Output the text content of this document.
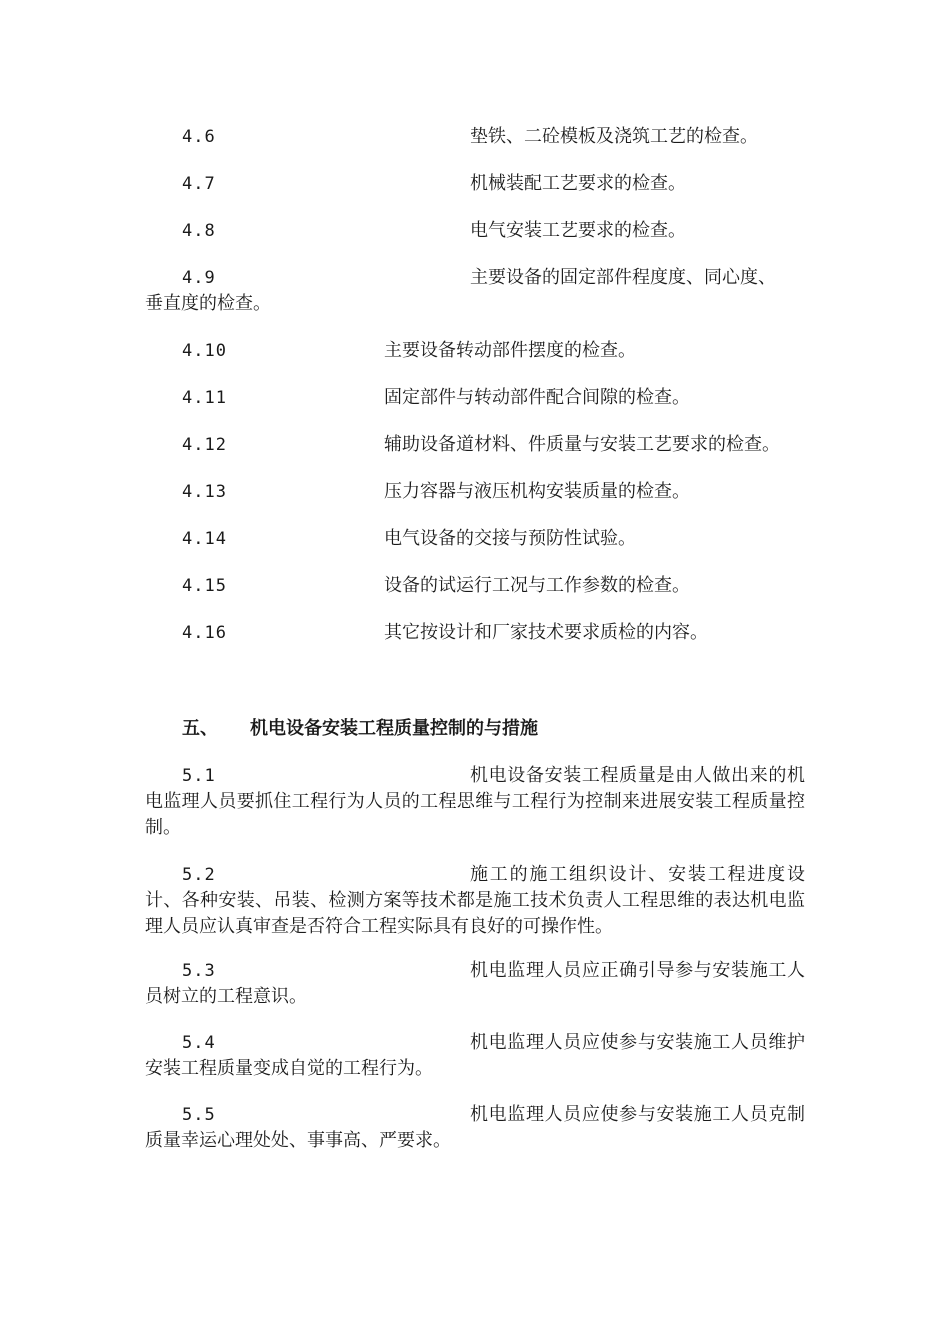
4.6	垫铁、二砼模板及浇筑工艺的检查。
4.7	机械装配工艺要求的检查。
4.8	电气安装工艺要求的检查。
4.9	主要设备的固定部件程度度、同心度、
垂直度的检查。
4.10	主要设备转动部件摆度的检查。
4.11	固定部件与转动部件配合间隙的检查。
4.12	辅助设备道材料、件质量与安装工艺要求的检查。
4.13	压力容器与液压机构安装质量的检查。
4.14	电气设备的交接与预防性试验。
4.15	设备的试运行工况与工作参数的检查。
4.16	其它按设计和厂家技术要求质检的内容。
五、 机电设备安装工程质量控制的与措施
5.1	机电设备安装工程质量是由人做出来的机电监理人员要抓住工程行为人员的工程思维与工程行为控制来进展安装工程质量控制。
5.2	施工的施工组织设计、安装工程进度设计、各种安装、吊装、检测方案等技术都是施工技术负责人工程思维的表达机电监理人员应认真审查是否符合工程实际具有良好的可操作性。
5.3	机电监理人员应正确引导参与安装施工人员树立的工程意识。
5.4	机电监理人员应使参与安装施工人员维护安装工程质量变成自觉的工程行为。
5.5	机电监理人员应使参与安装施工人员克制质量幸运心理处处、事事高、严要求。
